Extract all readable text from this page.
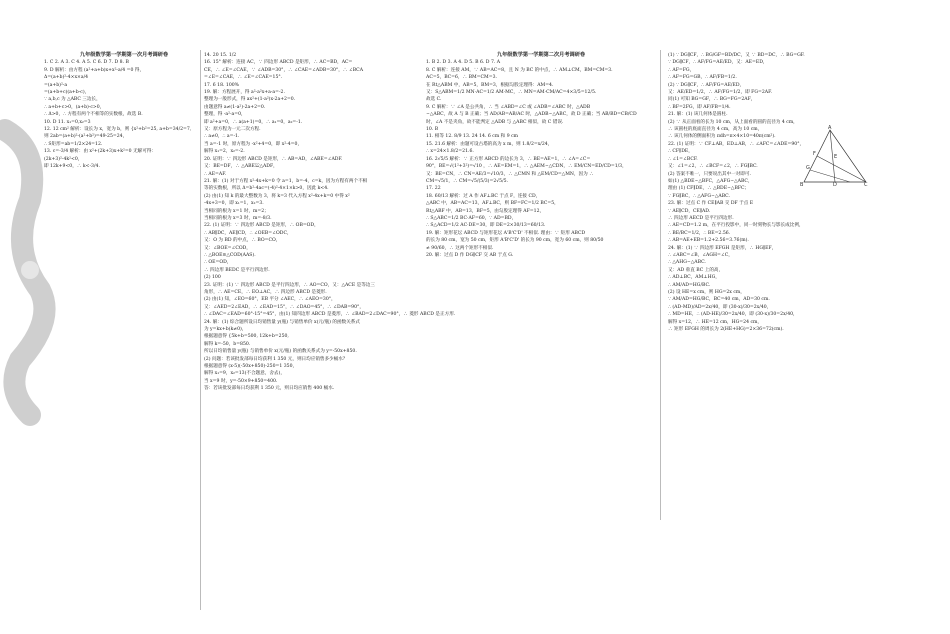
九年级数学第一学期第一次月考调研卷

1. C 2. A 3. C 4. A 5. C 6. D 7. D 8. B

9. D 解析：由方程 (a²+a+b)x+x²-a/4 =0 得，

Δ=(a+b)²-4×x×a/4

=(a+b)²-a

=(a+b+c)(a+b-c)，

∵ a,b,c 为 △ABC 三边长，

∴ a+b+c>0，(a+b)-c>0，

∴ Δ>0，∴ 方程有两个不相等的实数根，故选 B.

10. D 11. x₁=0,x₂=3

12. 12 cm² 解析：设长为 x，宽为 b，则 {x²+b²=25, a+b=34/2=7,

则 2ab=(a+b)²-(a²+b²)=49-25=24，

∴ S矩形=ab=1/2×24=12.

13. c=-3/4 解析：由 x²+(2k+3)x+k²=0 无解可得：

(2k+3)²-4k²<0，

即 12k+9<0，∴ k<-3/4.

14. 20 15. 1/2

16. 15° 解析：连接 AC，∵ 四边形 ABCD 是矩形，∴ AC=BD，AC=

CE，∴ ∠E=∠CAE，∵ ∠ADB=30°，∴ ∠CAE=∠ADB=30°，∴ ∠BCA

=∠E=∠CAE，∴ ∠E=∠CAE=15°.

17. 6 18. 100%

19. 解：方程展开，得 a²-a²x+a-a=-2.

整理为一般形式，得 ax²+(1-a²)x-2a+2=0.

由题意得 a≠(1-a²)-2a+2=0.

整理，得 -a²-a=0，

即 a²+a=0，∴ a(a+1)=0，∴ a₁=0，a₂=-1.

又：原方程为一元二次方程.

∴ a≠0，∴ a=-1.

当 a=-1 时，原方程为 -x²+4=0，即 x²-4=0，

解得 x₁=2，x₂=-2.

20. 证明：∵ 四边形 ABCD 是矩形，∴ AB=AD，∠ABE=∠ADF.

又：BE=DF，∴ △ABE≌△ADF，

∴ AE=AF.

21. 解：(1) 对于方程 x²-4x+k=0 令 a=1，b=-4，c=k，因为方程有两个不相

等的实数根，所以 Δ=b²-4ac=(-4)²-4×1×k>0，因此 k<4.

(2) 由(1) 知 k 的最大整数为 3，将 k=3 代入方程 x²-4x+k=0 中得 x²

-4x+3=0，即 x₁=1，x₂=3.

当相同的根为 x=1 时，m=2；

当相同的根为 x=3 时，m=-8/3.

22. (1) 证明：∵ 四边形 ABCD 是矩形，∴ OB=OD，

∴ AB∥DC，AE∥CD，∴ ∠OEB=∠ODC，

又：O 为 BD 的中点，∴ BO=CO，

又：∠BOE=∠COD，

∴ △BOE≌△COD(AAS).

∴ OE=OD，

∴ 四边形 BEDC 是平行四边形.

(2) 100

23. 证明：(1) ∵ 四边形 ABCD 是平行四边形，∴ AO=CO，又：△ACE 是等边三

角形，∴ AE=CE，∴ EO⊥AC，∴ 四边形 ABCD 是菱形.

(2) 由(1) 知，∠EO=60°，EB 平分 ∠AEC，∴ ∠AEO=30°，

又：∠AED=2∠EAD，∴ ∠EAD=15°，∴ ∠DAO=45°，∴ ∠DAB=90°，

∴ ∠DAC=∠EAD=60°-15°=45°，由(1) 知四边形 ABCD 是菱形，∴ ∠BAD=2∠DAC=90°，∴ 菱形 ABCD 是正方形.

24. 解：(1) 综合题所设日均销售量 y(瓶) 与销售单价 x(元/瓶) 的函数关系式

为 y=kx+b(k≠0)，

根据题意得 {5k+b=500, 12k+b=250,

解得 k=-50，b=850.

所以日均销售量 y(瓶) 与销售单价 x(元/瓶) 的函数关系式为 y=-50x+850.

(2) 问题：若该批发部每日均获利 1 350 元，则日均应销售多少桶水？

根据题意得 (x-5)(-50x+850)-250=1 350，

解得 x₁=9，x₂=13(不合题意，舍去)，

当 x=9 时，y=-50×9+850=400.

答：若该批发部每日均获利 1 350 元，则日均应销售 400 桶水.

九年级数学第一学期第二次月考调研卷

1. B 2. D 3. A 4. D 5. B 6. D 7. A

8. C 解析：连接 AM，∵ AB=AC=8，且 N 为 BC 的中点，∴ AM⊥CM，BM=CM=3.

AC=5，BC=6，∴ BM=CM=3.

在 Rt△ABM 中，AB=5，BM=3，根据勾股定理得：AM=4.

又：S△ABM=1/2 MN·AC=1/2 AM·MC，∴ MN=AM·CM/AC=4×3/5=12/5.

故选 C.

9. C 解析：∵ ∠A 是公共角，∴ 当 ∠ABD=∠C 或 ∠ADB=∠ABC 时，△ADB

∽△ABC，故 A 与 B 正确；当 AD/AB=AB/AC 时，△ADB∽△ABC，故 D 正确；当 AB/BD=CB/CD

时，∠A 不是夹角，故不能判定 △ADB 与 △ABC 相似，故 C 错误.

10. B

11. 相等 12. 8/9 13. 24 14. 6 cm 和 9 cm

15. 21.6 解析：由题可设古塔的高为 x m，则 1.8/2=x/24，

∴ x=24×1.8/2=21.6.

16. 2√5/5 解析：∵ 正方形 ABCD 的边长为 3，∴ BE=AE=1，∴ ∠A=∠C=

90°，BE=√(1²+3²)=√10 ，∴ AE=EM=1，∴ △AEM∽△CDN，∴ EM/CN=ED/CD=1/3，

又：BE=CN，∴ CN=AE/3=√10/3，∴ △CMN 和 △EM/CD=△MN，因为 ∴

CM=√5/1，∴ CM=√5/(5/3)=2√5/5.

17. 22

18. 60/13 解析：过 A 作 AF⊥BC 于点 F，连接 CD，

△ABC 中，AB=AC=13，AF⊥BC，则 BF=FC=1/2 BC=5，

Rt△ABF 中，AB=13，BF=5，由勾股定理得 AF=12，

∴ S△ABC=1/2 BC·AF=60，∵ AD=BD，

∴ S△ACD=1/2 AC·DE=30，即 DE=2×30/13=60/13.

19. 解：矩形花坛 ABCD 与矩形花坛 A'B'C'D' 不相似. 理由：∵ 矩形 ABCD

的长为 80 cm，宽为 50 cm，矩形 A'B'C'D' 的长为 90 cm，宽为 60 cm，则 80/50

≠ 90/60，∴ 这两个矩形不相似.

20. 解：过点 D 作 DG∥CF 交 AB 于点 G.

(1) ∵ DG∥CF，∴ BG/GF=BD/DC，又 ∵ BD=DC，∴ BG=GF.

∵ DG∥CF，∴ AF/FG=AE/ED，又：AE=ED，

∴ AF=FG，

∴ AF=FG=GB，∴ AF/FB=1/2.

(2) ∵ DG∥CF，∴ AF/FG=AE/ED，

又：AE/ED=1/2，∴ AF/FG=1/2，即 FG=2AF.

同(1) 可知 BG=GF，∴ BG=FG=2AF，

∴ BF=2FG，即 AF/FB=1/4.

21. 解：(1) 该几何体是圆柱.

(2) ∵ 从正面看的长为 10 cm，从上面看的圆的直径为 4 cm，

∴ 该圆柱的底面直径为 4 cm，高为 10 cm，

∴ 该几何体的侧面积为 πdh=π×4×10=40π(cm²).

22. (1) 证明：∵ CF⊥AB，ED⊥AB，∴ ∠AFC=∠ADE=90°，

∴ CF∥DE，

∴ ∠1=∠BCF.

又：∠1=∠2，∴ ∠BCF=∠2，∴ FG∥BC.

(2) 答案不唯一，只要说出其中一对即可.

如(1) △BDE∽△BFC，△AFG∽△ABC，

理由 (1) CF∥DE，∴ △BDE∽△BFC；

∵ FG∥BC，∴ △AFG∽△ABC.

23. 解：过点 C 作 CE∥AB 交 DF 于点 E

∵ AE∥CD，CE∥AD.

∴ 四边形 AECD 是平行四边形.

∴ AE=CD=1.2 m，在平行投影中，同一时刻物长与影长成比例，

∴ BE/BC=1/2，∴ BE=2.56.

∴ AB=AE+EB=1.2+2.56=3.76(m).

24. 解：(1) ∵ 四边形 EFGH 是矩形，∴ HG∥EF，

∴ ∠ABC=∠B，∠AGH=∠C，

∴ △AHG∽△ABC.

又：AD 垂直 BC 上的高，

∴ AD⊥BC，AM⊥HG，

∴ AM/AD=HG/BC.

(2) 设 HE=x cm，则 HG=2x cm，

∵ AM/AD=HG/BC，BC=40 cm，AD=30 cm.

∴ (AD-MD)/AD=2x/40，即 (30-x)/30=2x/40，

∴ MD=HE，∴ (AD-HE)/30=2x/40，即 (30-x)/30=2x/40，

解得 x=12，∴ HE=12 cm，HG=24 cm，

∴ 矩形 EFGH 的周长为 2(HE+HG)=2×36=72(cm).

A
B	C
D
E
F
G
